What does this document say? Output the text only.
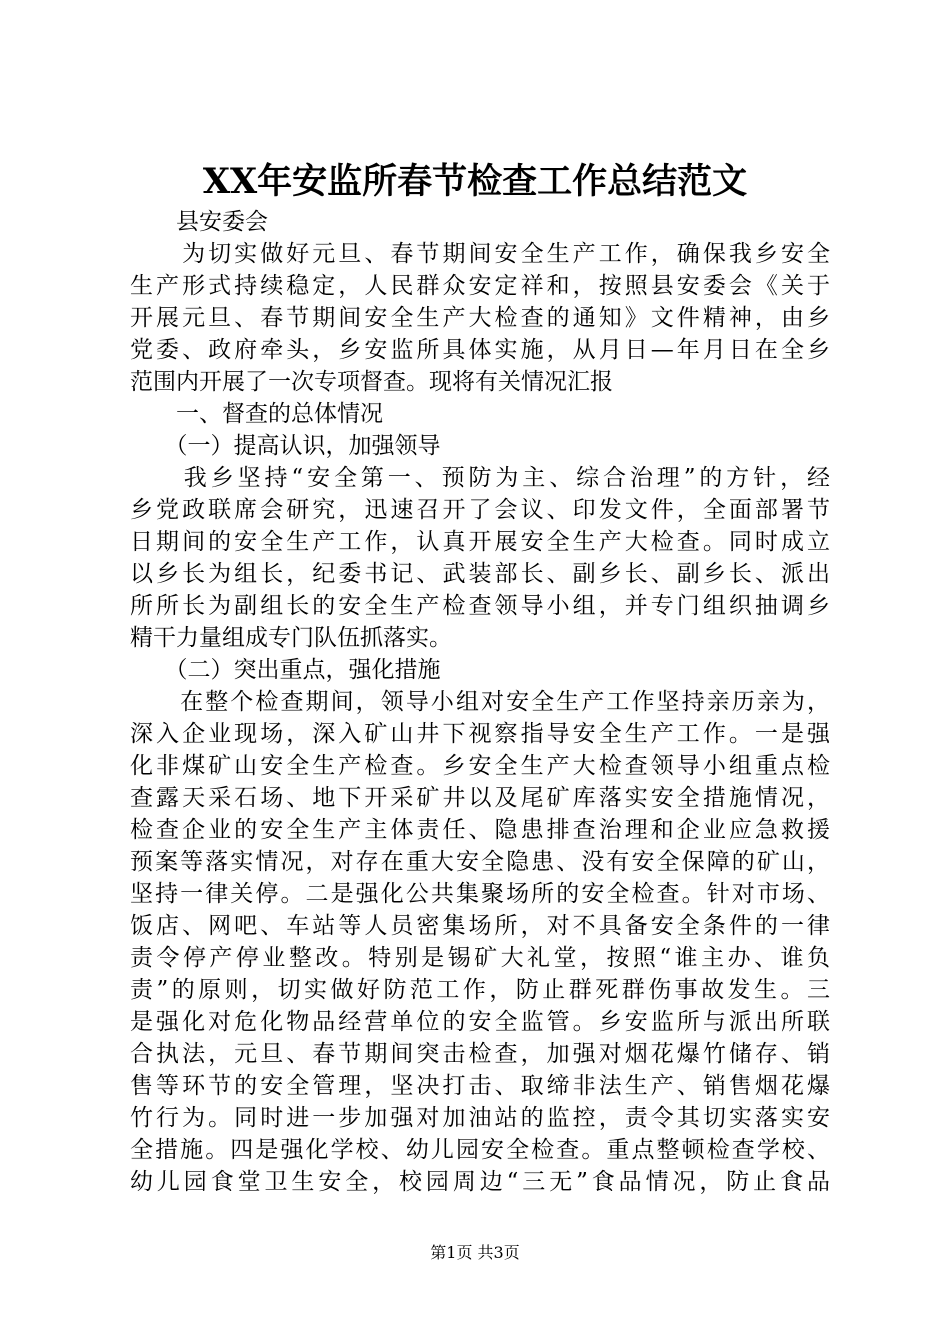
XX年安监所春节检查工作总结范文
　　县安委会
　　为切实做好元旦、春节期间安全生产工作，确保我乡安全
生产形式持续稳定，人民群众安定祥和，按照县安委会《关于
开展元旦、春节期间安全生产大检查的通知》文件精神，由乡
党委、政府牵头，乡安监所具体实施，从月日—年月日在全乡
范围内开展了一次专项督查。现将有关情况汇报
　　一、督查的总体情况
　　（一）提高认识，加强领导
　　我乡坚持“安全第一、预防为主、综合治理”的方针，经
乡党政联席会研究，迅速召开了会议、印发文件，全面部署节
日期间的安全生产工作，认真开展安全生产大检查。同时成立
以乡长为组长，纪委书记、武装部长、副乡长、副乡长、派出
所所长为副组长的安全生产检查领导小组，并专门组织抽调乡
精干力量组成专门队伍抓落实。
　　（二）突出重点，强化措施
　　在整个检查期间，领导小组对安全生产工作坚持亲历亲为，
深入企业现场，深入矿山井下视察指导安全生产工作。一是强
化非煤矿山安全生产检查。乡安全生产大检查领导小组重点检
查露天采石场、地下开采矿井以及尾矿库落实安全措施情况，
检查企业的安全生产主体责任、隐患排查治理和企业应急救援
预案等落实情况，对存在重大安全隐患、没有安全保障的矿山，
坚持一律关停。二是强化公共集聚场所的安全检查。针对市场、
饭店、网吧、车站等人员密集场所，对不具备安全条件的一律
责令停产停业整改。特别是锡矿大礼堂，按照“谁主办、谁负
责”的原则，切实做好防范工作，防止群死群伤事故发生。三
是强化对危化物品经营单位的安全监管。乡安监所与派出所联
合执法，元旦、春节期间突击检查，加强对烟花爆竹储存、销
售等环节的安全管理，坚决打击、取缔非法生产、销售烟花爆
竹行为。同时进一步加强对加油站的监控，责令其切实落实安
全措施。四是强化学校、幼儿园安全检查。重点整顿检查学校、
幼儿园食堂卫生安全，校园周边“三无”食品情况，防止食品
第1页 共3页
